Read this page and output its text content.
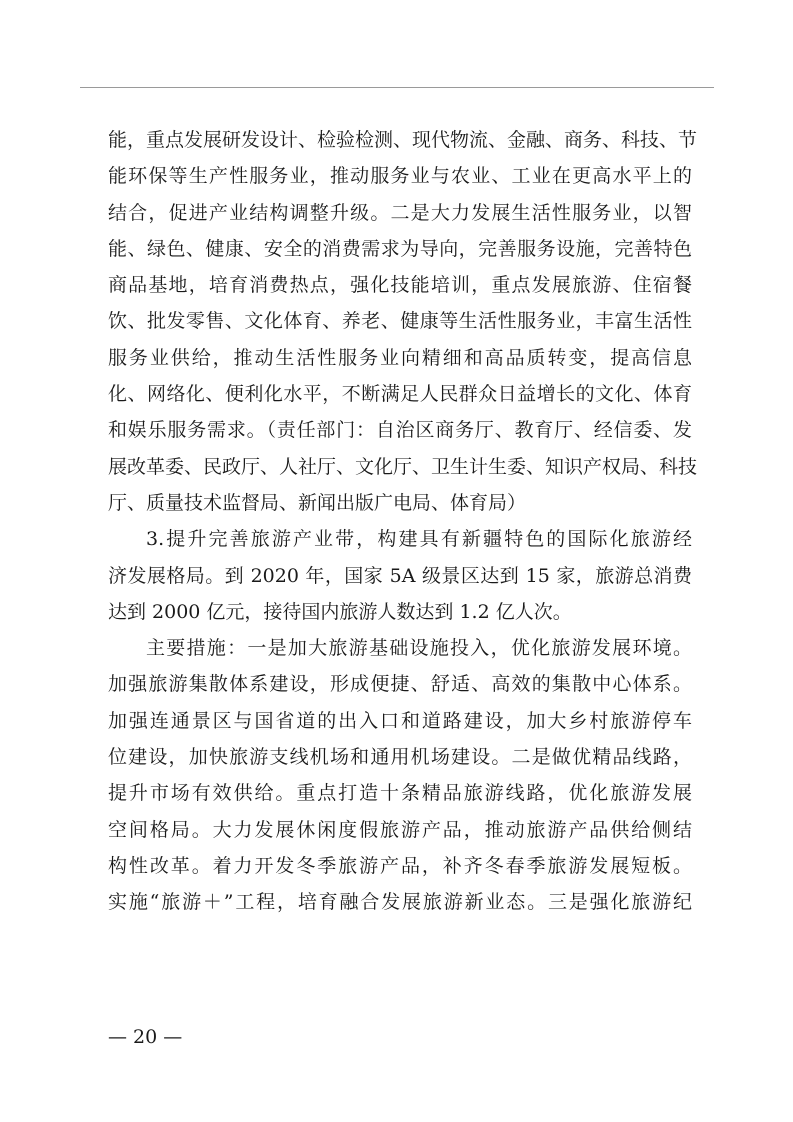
能，重点发展研发设计、检验检测、现代物流、金融、商务、科技、节
能环保等生产性服务业，推动服务业与农业、工业在更高水平上的
结合，促进产业结构调整升级。二是大力发展生活性服务业，以智
能、绿色、健康、安全的消费需求为导向，完善服务设施，完善特色
商品基地，培育消费热点，强化技能培训，重点发展旅游、住宿餐
饮、批发零售、文化体育、养老、健康等生活性服务业，丰富生活性
服务业供给，推动生活性服务业向精细和高品质转变，提高信息
化、网络化、便利化水平，不断满足人民群众日益增长的文化、体育
和娱乐服务需求。（责任部门：自治区商务厅、教育厅、经信委、发
展改革委、民政厅、人社厅、文化厅、卫生计生委、知识产权局、科技
厅、质量技术监督局、新闻出版广电局、体育局）
3.提升完善旅游产业带，构建具有新疆特色的国际化旅游经
济发展格局。到 2020 年，国家 5A 级景区达到 15 家，旅游总消费
达到 2000 亿元，接待国内旅游人数达到 1.2 亿人次。
主要措施：一是加大旅游基础设施投入，优化旅游发展环境。
加强旅游集散体系建设，形成便捷、舒适、高效的集散中心体系。
加强连通景区与国省道的出入口和道路建设，加大乡村旅游停车
位建设，加快旅游支线机场和通用机场建设。二是做优精品线路，
提升市场有效供给。重点打造十条精品旅游线路，优化旅游发展
空间格局。大力发展休闲度假旅游产品，推动旅游产品供给侧结
构性改革。着力开发冬季旅游产品，补齐冬春季旅游发展短板。
实施“旅游＋”工程，培育融合发展旅游新业态。三是强化旅游纪
— 20 —
